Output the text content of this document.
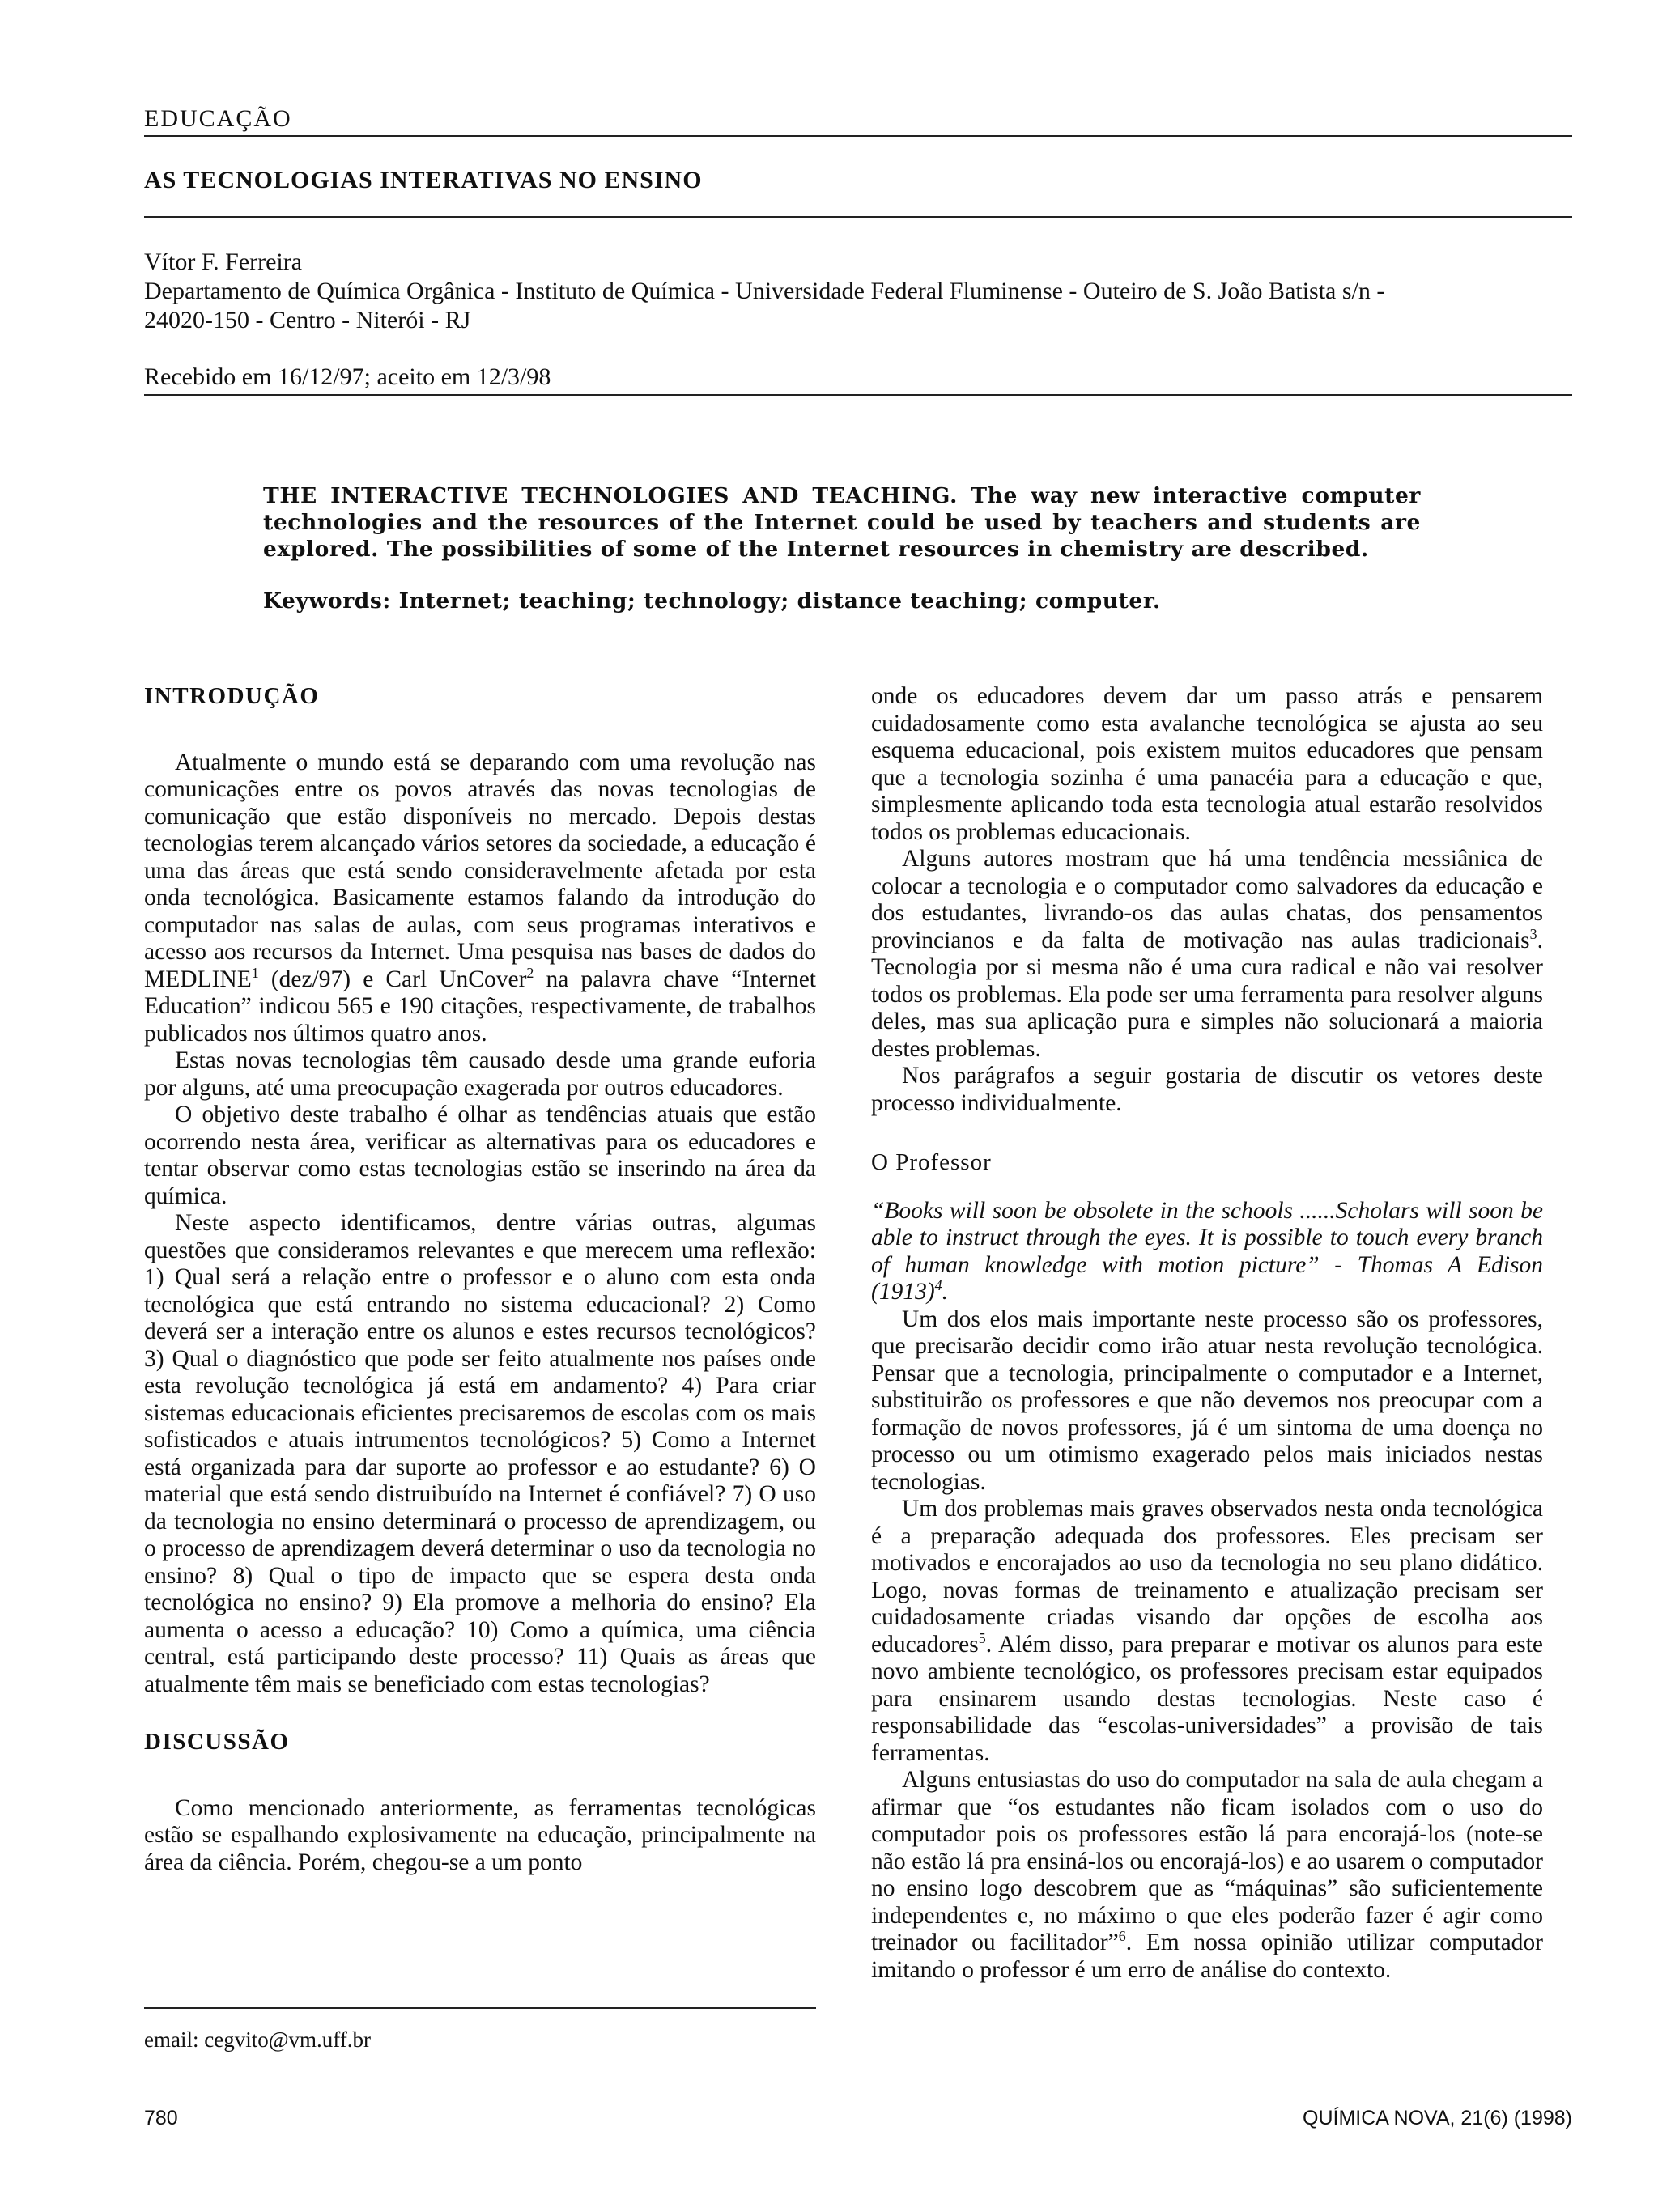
EDUCAÇÃO
AS TECNOLOGIAS INTERATIVAS NO ENSINO
Vítor F. Ferreira
Departamento de Química Orgânica - Instituto de Química - Universidade Federal Fluminense - Outeiro de S. João Batista s/n -
24020-150 - Centro - Niterói - RJ
Recebido em 16/12/97; aceito em 12/3/98

THE INTERACTIVE TECHNOLOGIES AND TEACHING. The way new interactive computer technologies and the resources of the Internet could be used by teachers and students are explored. The possibilities of some of the Internet resources in chemistry are described.

Keywords: Internet; teaching; technology; distance teaching; computer.

INTRODUÇÃO

Atualmente o mundo está se deparando com uma revolução nas comunicações entre os povos através das novas tecnologias de comunicação que estão disponíveis no mercado. Depois destas tecnologias terem alcançado vários setores da sociedade, a educação é uma das áreas que está sendo consideravelmente afetada por esta onda tecnológica. Basicamente estamos falando da introdução do computador nas salas de aulas, com seus programas interativos e acesso aos recursos da Internet. Uma pesquisa nas bases de dados do MEDLINE$^1$ (dez/97) e Carl UnCover$^2$ na palavra chave “Internet Education” indicou 565 e 190 citações, respectivamente, de trabalhos publicados nos últimos quatro anos.

Estas novas tecnologias têm causado desde uma grande euforia por alguns, até uma preocupação exagerada por outros educadores.

O objetivo deste trabalho é olhar as tendências atuais que estão ocorrendo nesta área, verificar as alternativas para os educadores e tentar observar como estas tecnologias estão se inserindo na área da química.

Neste aspecto identificamos, dentre várias outras, algumas questões que consideramos relevantes e que merecem uma reflexão: 1) Qual será a relação entre o professor e o aluno com esta onda tecnológica que está entrando no sistema educacional? 2) Como deverá ser a interação entre os alunos e estes recursos tecnológicos? 3) Qual o diagnóstico que pode ser feito atualmente nos países onde esta revolução tecnológica já está em andamento? 4) Para criar sistemas educacionais eficientes precisaremos de escolas com os mais sofisticados e atuais intrumentos tecnológicos? 5) Como a Internet está organizada para dar suporte ao professor e ao estudante? 6) O material que está sendo distruibuído na Internet é confiável? 7) O uso da tecnologia no ensino determinará o processo de aprendizagem, ou o processo de aprendizagem deverá determinar o uso da tecnologia no ensino? 8) Qual o tipo de impacto que se espera desta onda tecnológica no ensino? 9) Ela promove a melhoria do ensino? Ela aumenta o acesso a educação? 10) Como a química, uma ciência central, está participando deste processo? 11) Quais as áreas que atualmente têm mais se beneficiado com estas tecnologias?

DISCUSSÃO

Como mencionado anteriormente, as ferramentas tecnológicas estão se espalhando explosivamente na educação, principalmente na área da ciência. Porém, chegou-se a um ponto

onde os educadores devem dar um passo atrás e pensarem cuidadosamente como esta avalanche tecnológica se ajusta ao seu esquema educacional, pois existem muitos educadores que pensam que a tecnologia sozinha é uma panacéia para a educação e que, simplesmente aplicando toda esta tecnologia atual estarão resolvidos todos os problemas educacionais.

Alguns autores mostram que há uma tendência messiânica de colocar a tecnologia e o computador como salvadores da educação e dos estudantes, livrando-os das aulas chatas, dos pensamentos provincianos e da falta de motivação nas aulas tradicionais$^3$. Tecnologia por si mesma não é uma cura radical e não vai resolver todos os problemas. Ela pode ser uma ferramenta para resolver alguns deles, mas sua aplicação pura e simples não solucionará a maioria destes problemas.

Nos parágrafos a seguir gostaria de discutir os vetores deste processo individualmente.

O Professor

“Books will soon be obsolete in the schools ......Scholars will soon be able to instruct through the eyes. It is possible to touch every branch of human knowledge with motion picture” - Thomas A Edison $(1913)^4$.

Um dos elos mais importante neste processo são os professores, que precisarão decidir como irão atuar nesta revolução tecnológica. Pensar que a tecnologia, principalmente o computador e a Internet, substituirão os professores e que não devemos nos preocupar com a formação de novos professores, já é um sintoma de uma doença no processo ou um otimismo exagerado pelos mais iniciados nestas tecnologias.

Um dos problemas mais graves observados nesta onda tecnológica é a preparação adequada dos professores. Eles precisam ser motivados e encorajados ao uso da tecnologia no seu plano didático. Logo, novas formas de treinamento e atualização precisam ser cuidadosamente criadas visando dar opções de escolha aos educadores$^5$. Além disso, para preparar e motivar os alunos para este novo ambiente tecnológico, os professores precisam estar equipados para ensinarem usando destas tecnologias. Neste caso é responsabilidade das “escolas-universidades” a provisão de tais ferramentas.

Alguns entusiastas do uso do computador na sala de aula chegam a afirmar que “os estudantes não ficam isolados com o uso do computador pois os professores estão lá para encorajá-los (note-se não estão lá pra ensiná-los ou encorajá-los) e ao usarem o computador no ensino logo descobrem que as “máquinas” são suficientemente independentes e, no máximo o que eles poderão fazer é agir como treinador ou facilitador”$^6$. Em nossa opinião utilizar computador imitando o professor é um erro de análise do contexto.

email: cegvito@vm.uff.br
780	QUÍMICA NOVA, 21(6) (1998)
